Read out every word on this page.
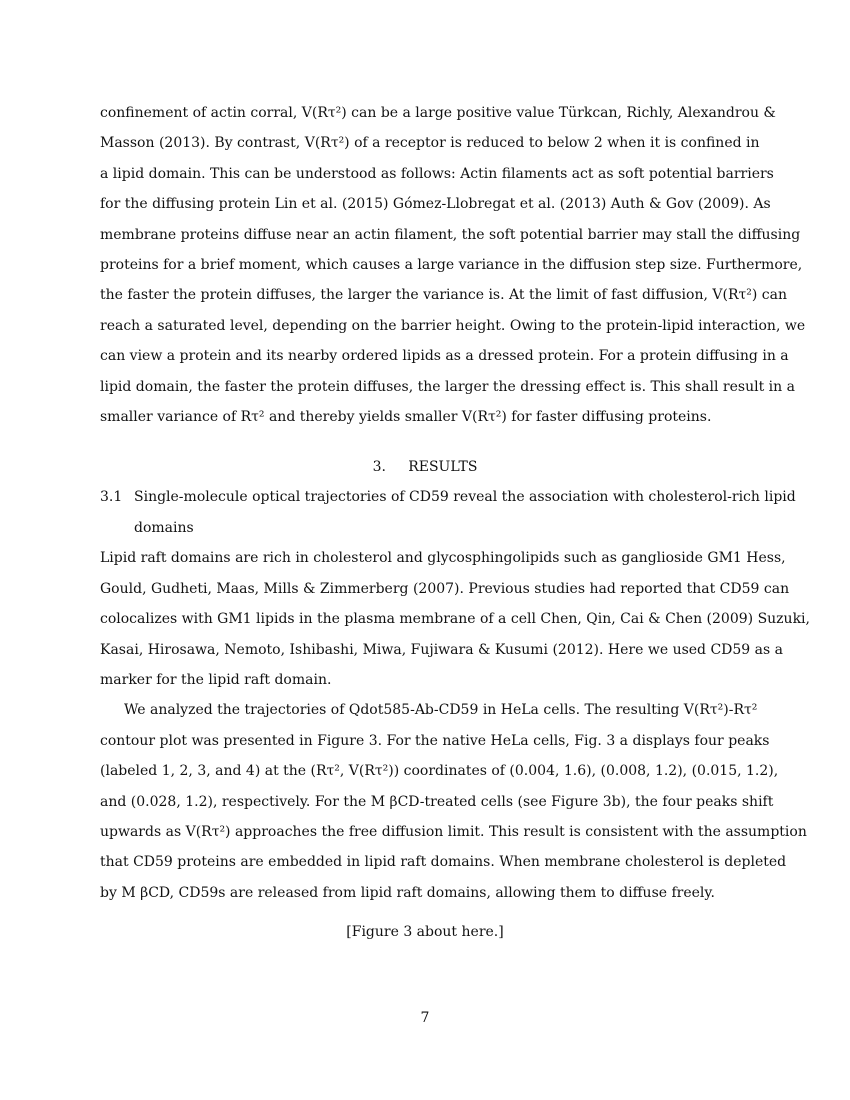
confinement of actin corral, V(Rτ²) can be a large positive value Türkcan, Richly, Alexandrou &
Masson (2013). By contrast, V(Rτ²) of a receptor is reduced to below 2 when it is confined in
a lipid domain. This can be understood as follows: Actin filaments act as soft potential barriers
for the diffusing protein Lin et al. (2015) Gómez-Llobregat et al. (2013) Auth & Gov (2009). As
membrane proteins diffuse near an actin filament, the soft potential barrier may stall the diffusing
proteins for a brief moment, which causes a large variance in the diffusion step size. Furthermore,
the faster the protein diffuses, the larger the variance is. At the limit of fast diffusion, V(Rτ²) can
reach a saturated level, depending on the barrier height. Owing to the protein-lipid interaction, we
can view a protein and its nearby ordered lipids as a dressed protein. For a protein diffusing in a
lipid domain, the faster the protein diffuses, the larger the dressing effect is. This shall result in a
smaller variance of Rτ² and thereby yields smaller V(Rτ²) for faster diffusing proteins.

3. RESULTS
3.1 Single-molecule optical trajectories of CD59 reveal the association with cholesterol-rich lipid
domains

Lipid raft domains are rich in cholesterol and glycosphingolipids such as ganglioside GM1 Hess,
Gould, Gudheti, Maas, Mills & Zimmerberg (2007). Previous studies had reported that CD59 can
colocalizes with GM1 lipids in the plasma membrane of a cell Chen, Qin, Cai & Chen (2009) Suzuki,
Kasai, Hirosawa, Nemoto, Ishibashi, Miwa, Fujiwara & Kusumi (2012). Here we used CD59 as a
marker for the lipid raft domain.

We analyzed the trajectories of Qdot585-Ab-CD59 in HeLa cells. The resulting V(Rτ²)-Rτ²
contour plot was presented in Figure 3. For the native HeLa cells, Fig. 3 a displays four peaks
(labeled 1, 2, 3, and 4) at the (Rτ², V(Rτ²)) coordinates of (0.004, 1.6), (0.008, 1.2), (0.015, 1.2),
and (0.028, 1.2), respectively. For the M βCD-treated cells (see Figure 3b), the four peaks shift
upwards as V(Rτ²) approaches the free diffusion limit. This result is consistent with the assumption
that CD59 proteins are embedded in lipid raft domains. When membrane cholesterol is depleted
by M βCD, CD59s are released from lipid raft domains, allowing them to diffuse freely.

[Figure 3 about here.]
7
